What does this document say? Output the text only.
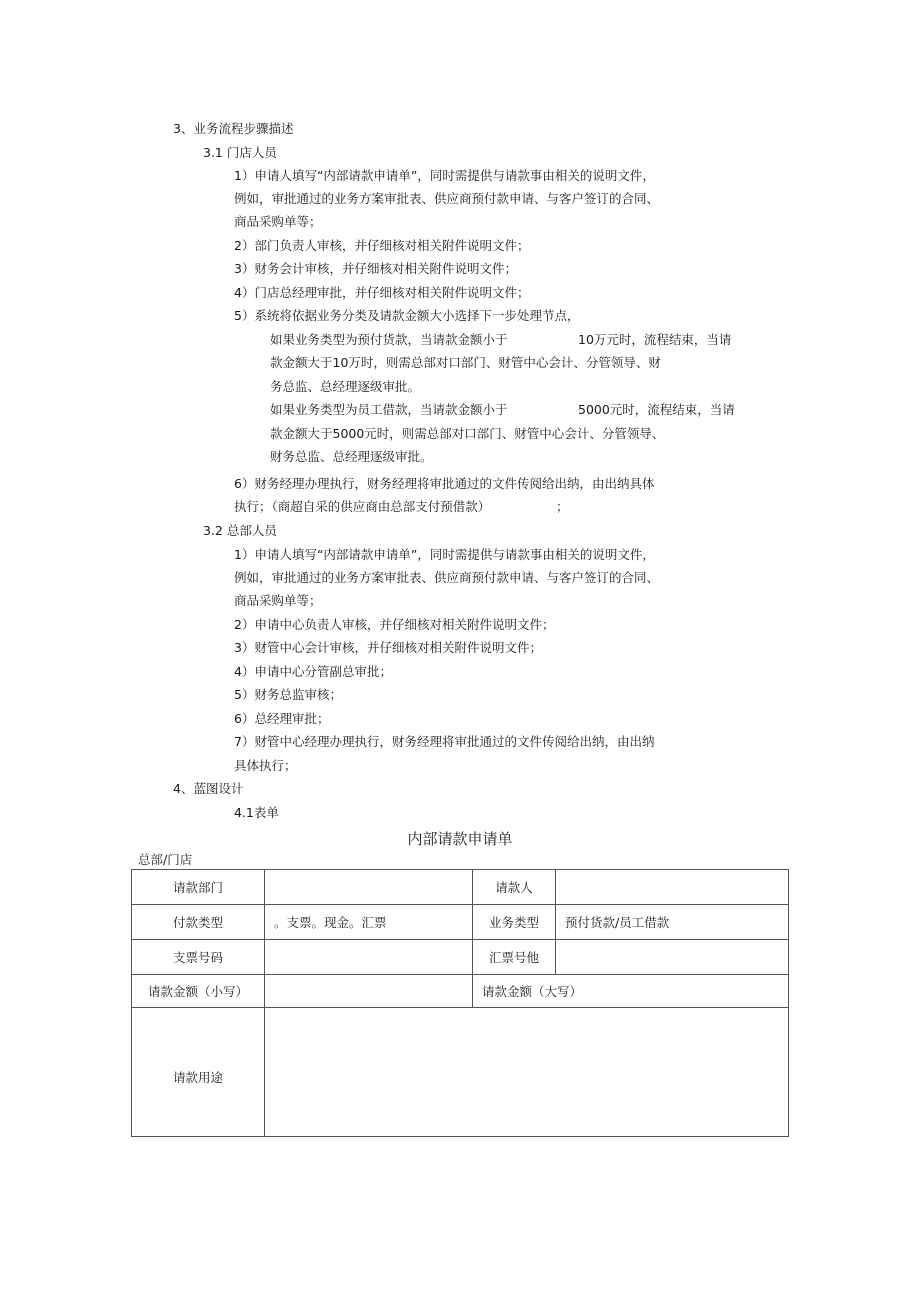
3、业务流程步骤描述
3.1 门店人员
1）申请人填写“内部请款申请单”，同时需提供与请款事由相关的说明文件，
例如，审批通过的业务方案审批表、供应商预付款申请、与客户签订的合同、
商品采购单等；
2）部门负责人审核，并仔细核对相关附件说明文件；
3）财务会计审核，并仔细核对相关附件说明文件；
4）门店总经理审批，并仔细核对相关附件说明文件；
5）系统将依据业务分类及请款金额大小选择下一步处理节点，
如果业务类型为预付货款，当请款金额小于	10万元时，流程结束，当请
款金额大于10万时，则需总部对口部门、财管中心会计、分管领导、财
务总监、总经理逐级审批。
如果业务类型为员工借款，当请款金额小于	5000元时，流程结束，当请
款金额大于5000元时，则需总部对口部门、财管中心会计、分管领导、
财务总监、总经理逐级审批。
6）财务经理办理执行，财务经理将审批通过的文件传阅给出纳，由出纳具体
执行；（商超自采的供应商由总部支付预借款）	；
3.2 总部人员
1）申请人填写“内部请款申请单”，同时需提供与请款事由相关的说明文件，
例如，审批通过的业务方案审批表、供应商预付款申请、与客户签订的合同、
商品采购单等；
2）申请中心负责人审核，并仔细核对相关附件说明文件；
3）财管中心会计审核，并仔细核对相关附件说明文件；
4）申请中心分管副总审批；
5）财务总监审核；
6）总经理审批；
7）财管中心经理办理执行，财务经理将审批通过的文件传阅给出纳，由出纳
具体执行；
4、蓝图设计
4.1表单
内部请款申请单
总部/门店
请款部门		请款人	
付款类型	。支票。现金。汇票	业务类型	预付货款/员工借款
支票号码		汇票号他	
请款金额（小写）		请款金额（大写）	
请款用途			
